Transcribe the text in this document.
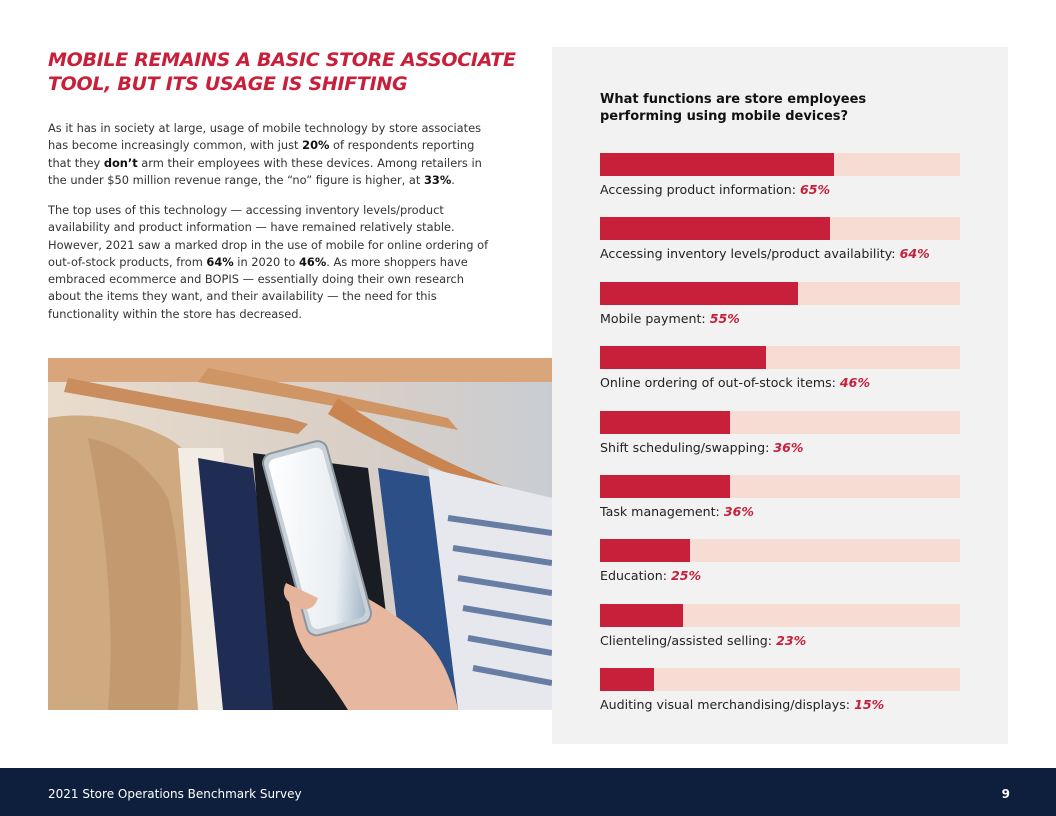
MOBILE REMAINS A BASIC STORE ASSOCIATE TOOL, BUT ITS USAGE IS SHIFTING

As it has in society at large, usage of mobile technology by store associates has become increasingly common, with just 20% of respondents reporting that they don’t arm their employees with these devices. Among retailers in the under $50 million revenue range, the “no” figure is higher, at 33%.

The top uses of this technology — accessing inventory levels/product availability and product information — have remained relatively stable. However, 2021 saw a marked drop in the use of mobile for online ordering of out-of-stock products, from 64% in 2020 to 46%. As more shoppers have embraced ecommerce and BOPIS — essentially doing their own research about the items they want, and their availability — the need for this functionality within the store has decreased.

What functions are store employees performing using mobile devices?
Accessing product information: 65%
Accessing inventory levels/product availability: 64%
Mobile payment: 55%
Online ordering of out-of-stock items: 46%
Shift scheduling/swapping: 36%
Task management: 36%
Education: 25%
Clienteling/assisted selling: 23%
Auditing visual merchandising/displays: 15%
2021 Store Operations Benchmark Survey	9
